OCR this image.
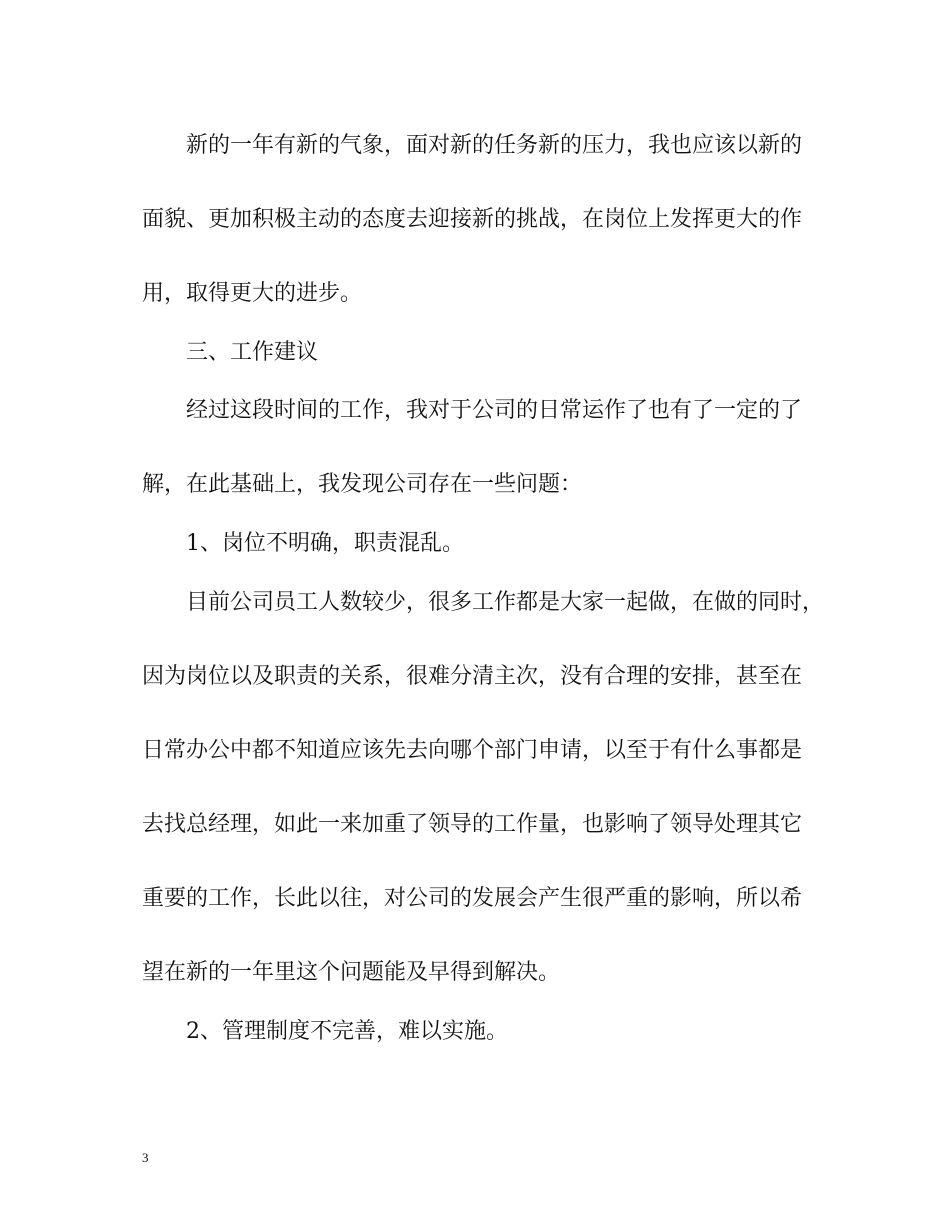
新的一年有新的气象，面对新的任务新的压力，我也应该以新的
面貌、更加积极主动的态度去迎接新的挑战，在岗位上发挥更大的作
用，取得更大的进步。
三、工作建议
经过这段时间的工作，我对于公司的日常运作了也有了一定的了
解，在此基础上，我发现公司存在一些问题：
1、岗位不明确，职责混乱。
目前公司员工人数较少，很多工作都是大家一起做，在做的同时，
因为岗位以及职责的关系，很难分清主次，没有合理的安排，甚至在
日常办公中都不知道应该先去向哪个部门申请，以至于有什么事都是
去找总经理，如此一来加重了领导的工作量，也影响了领导处理其它
重要的工作，长此以往，对公司的发展会产生很严重的影响，所以希
望在新的一年里这个问题能及早得到解决。
2、管理制度不完善，难以实施。
3
